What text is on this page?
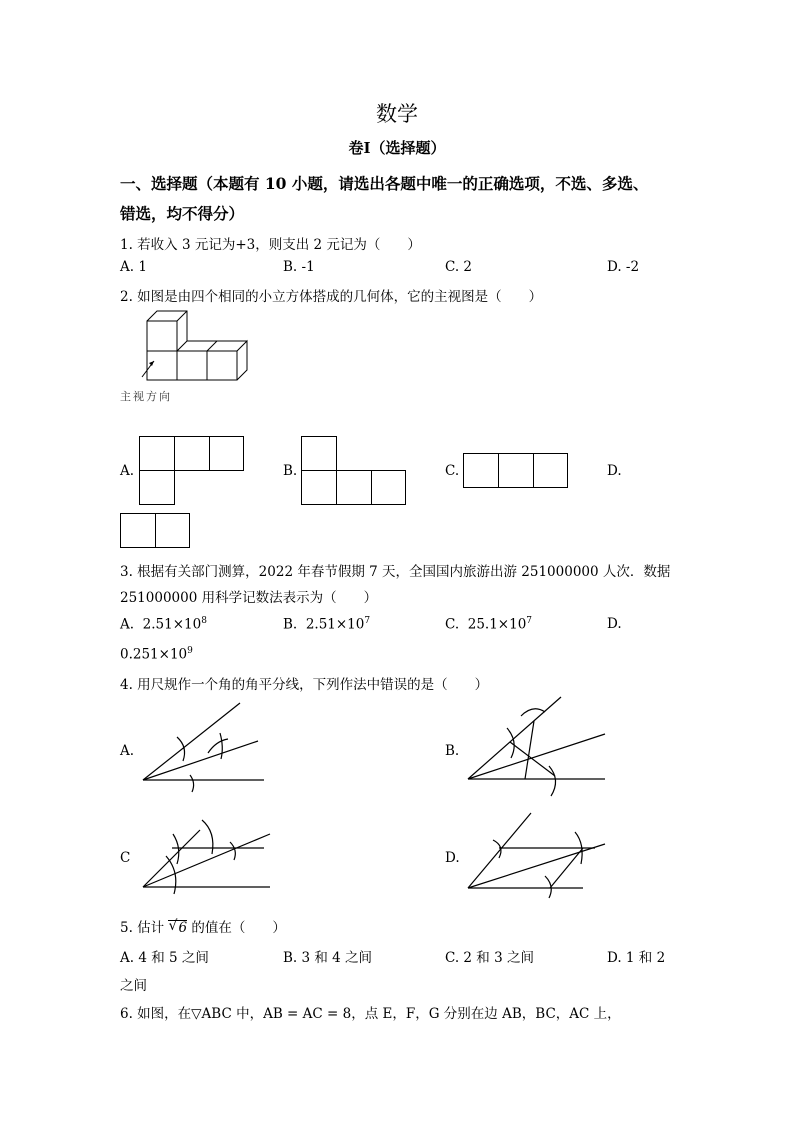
数学
卷Ⅰ（选择题）
一、选择题（本题有 10 小题，请选出各题中唯一的正确选项，不选、多选、
错选，均不得分）
1. 若收入 3 元记为+3，则支出 2 元记为（　　）
A. 1	B. -1	C. 2	D. -2
2. 如图是由四个相同的小立方体搭成的几何体，它的主视图是（　　）
主视方向
A.	B.	C.	D.
3. 根据有关部门测算，2022 年春节假期 7 天，全国国内旅游出游 251000000 人次．数据
251000000 用科学记数法表示为（　　）
A. $2.51\times 10^8$	B. $2.51\times 10^7$	C. $25.1\times 10^7$	D.
$0.251\times 10^9$
4. 用尺规作一个角的角平分线，下列作法中错误的是（　　）
A.	B.
C	D.
5. 估计 √ 6 的值在（　　）
A. 4 和 5 之间	B. 3 和 4 之间	C. 2 和 3 之间	D. 1 和 2
之间
6. 如图，在▽ABC 中，AB = AC = 8，点 E，F，G 分别在边 AB，BC，AC 上，
